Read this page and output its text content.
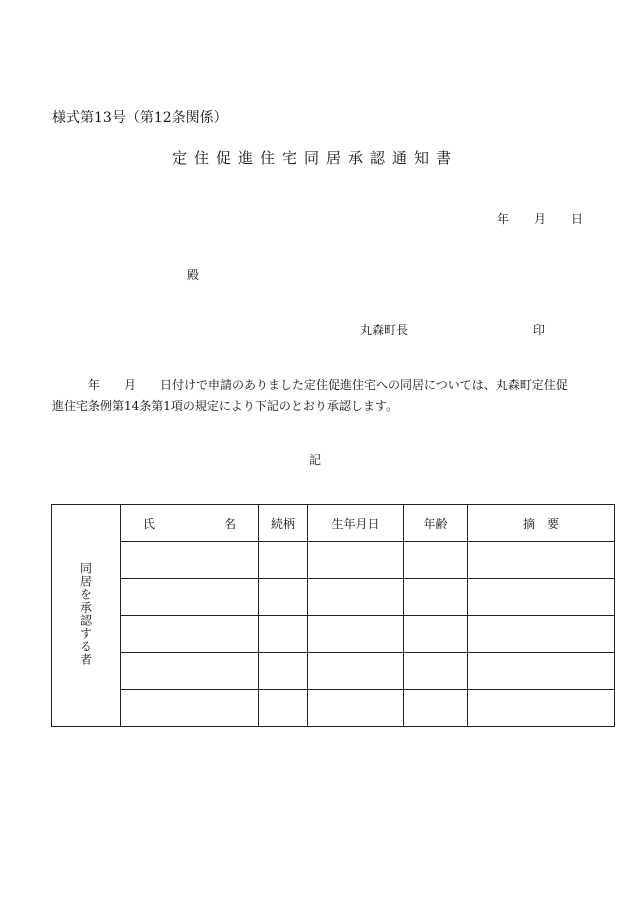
様式第13号（第12条関係）
定住促進住宅同居承認通知書
年 月 日
殿
丸森町長	印
年 月 日付けで申請のありました定住促進住宅への同居については、丸森町定住促
進住宅条例第14条第1項の規定により下記のとおり承認します。
記
同居を承認する者	氏 名	続柄	生年月日	年齢	摘　要
